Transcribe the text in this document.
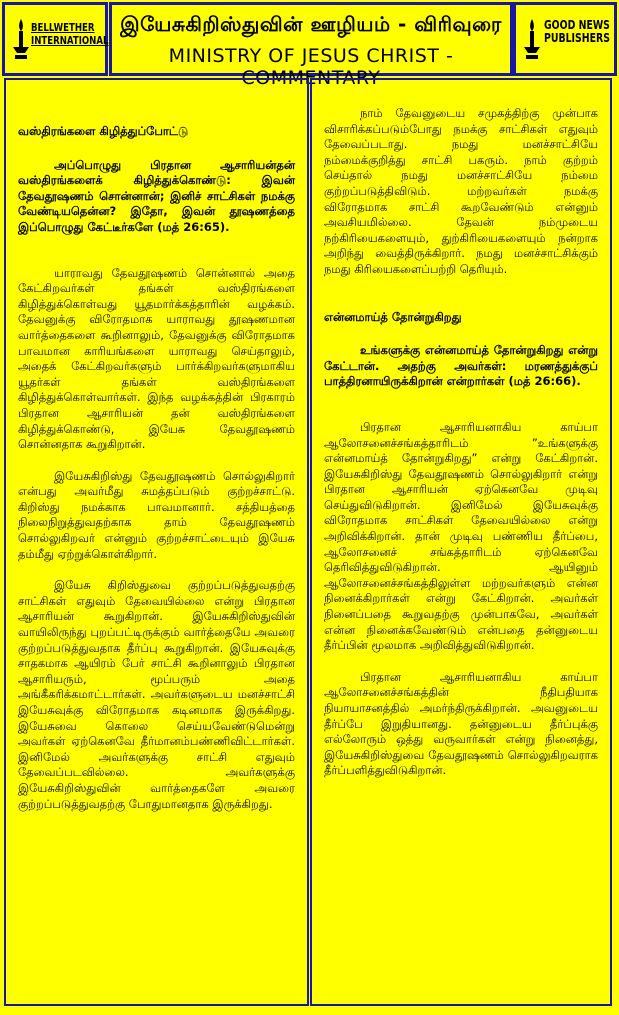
BELLWETHER INTERNATIONAL
இயேசுகிறிஸ்துவின் ஊழியம் - விரிவுரை
MINISTRY OF JESUS CHRIST - COMMENTARY
GOOD NEWS PUBLISHERS

வஸ்திரங்களை கிழித்துப்போட்டு

அப்பொழுது பிரதான ஆசாரியன்தன் வஸ்திரங்களைக் கிழித்துக்கொண்டு: இவன் தேவதூஷணம் சொன்னான்; இனிச் சாட்சிகள் நமக்கு வேண்டியதென்ன? இதோ, இவன் தூஷணத்தை இப்பொழுது கேட்டீர்களே (மத் 26:65).

யாராவது தேவதூஷணம் சொன்னால் அதை கேட்கிறவர்கள் தங்கள் வஸ்திரங்களை கிழித்துக்கொள்வது யூதமார்க்கத்தாரின் வழக்கம். தேவனுக்கு விரோதமாக யாராவது தூஷணமான வார்த்தைகளை கூறினாலும், தேவனுக்கு விரோதமாக பாவமான காரியங்களை யாராவது செய்தாலும், அதைக் கேட்கிறவர்களும் பார்க்கிறவர்களுமாகிய யூதர்கள் தங்கள் வஸ்திரங்களை கிழித்துக்கொள்வார்கள். இந்த வழக்கத்தின் பிரகாரம் பிரதான ஆசாரியன் தன் வஸ்திரங்களை கிழித்துக்கொண்டு, இயேசு தேவதூஷணம் சொன்னதாக கூறுகிறான்.

இயேசுகிறிஸ்து தேவதூஷணம் சொல்லுகிறார் என்பது அவர்மீது சுமத்தப்படும் குற்றச்சாட்டு. கிறிஸ்து நமக்காக பாவமானார். சத்தியத்தை நிலைநிறுத்துவதற்காக தாம் தேவதூஷணம் சொல்லுகிறவர் என்னும் குற்றச்சாட்டையும் இயேசு தம்மீது ஏற்றுக்கொள்கிறார்.

இயேசு கிறிஸ்துவை குற்றப்படுத்துவதற்கு சாட்சிகள் எதுவும் தேவையில்லை என்று பிரதான ஆசாரியன் கூறுகிறான். இயேசுகிறிஸ்துவின் வாயிலிருந்து புறப்பட்டிருக்கும் வார்த்தையே அவரை குற்றப்படுத்துவதாக தீர்ப்பு கூறுகிறான். இயேசுவுக்கு சாதகமாக ஆயிரம் பேர் சாட்சி கூறினாலும் பிரதான ஆசாரியரும், மூப்பரும் அதை அங்கீகரிக்கமாட்டார்கள். அவர்களுடைய மனச்சாட்சி இயேசுவுக்கு விரோதமாக கடினமாக இருக்கிறது. இயேசுவை கொலை செய்யவேண்டுமென்று அவர்கள் ஏற்கெனவே தீர்மானம்பண்ணிவிட்டார்கள். இனிமேல் அவர்களுக்கு சாட்சி எதுவும் தேவைப்படவில்லை. அவர்களுக்கு இயேசுகிறிஸ்துவின் வார்த்தைகளே அவரை குற்றப்படுத்துவதற்கு போதுமானதாக இருக்கிறது.

நாம் தேவனுடைய சமுகத்திற்கு முன்பாக விசாரிக்கப்படும்போது நமக்கு சாட்சிகள் எதுவும் தேவைப்படாது. நமது மனச்சாட்சியே நம்மைக்குறித்து சாட்சி பகரும். நாம் குற்றம் செய்தால் நமது மனச்சாட்சியே நம்மை குற்றப்படுத்திவிடும். மற்றவர்கள் நமக்கு விரோதமாக சாட்சி கூறவேண்டும் என்னும் அவசியமில்லை. தேவன் நம்முடைய நற்கிரியைகளையும், துற்கிரியைகளையும் நன்றாக அறிந்து வைத்திருக்கிறார். நமது மனச்சாட்சிக்கும் நமது கிரியைகளைப்பற்றி தெரியும்.

என்னமாய்த் தோன்றுகிறது

உங்களுக்கு என்னமாய்த் தோன்றுகிறது என்று கேட்டான். அதற்கு அவர்கள்: மரணத்துக்குப் பாத்திரனாயிருக்கிறான் என்றார்கள் (மத் 26:66).

பிரதான ஆசாரியனாகிய காய்பா ஆலோசனைச்சங்கத்தாரிடம் ”உங்களுக்கு என்னமாய்த் தோன்றுகிறது” என்று கேட்கிறான். இயேசுகிறிஸ்து தேவதூஷணம் சொல்லுகிறார் என்று பிரதான ஆசாரியன் ஏற்கெனவே முடிவு செய்துவிடுகிறான். இனிமேல் இயேசுவுக்கு விரோதமாக சாட்சிகள் தேவையில்லை என்று அறிவிக்கிறான். தான் முடிவு பண்ணிய தீர்ப்பை, ஆலோசனைச் சங்கத்தாரிடம் ஏற்கெனவே தெரிவித்துவிடுகிறான். ஆயினும் ஆலோசனைச்சங்கத்திலுள்ள மற்றவர்களும் என்ன நினைக்கிறார்கள் என்று கேட்கிறான். அவர்கள் நினைப்பதை கூறுவதற்கு முன்பாகவே, அவர்கள் என்ன நினைக்கவேண்டும் என்பதை தன்னுடைய தீர்ப்பின் மூலமாக அறிவித்துவிடுகிறான்.

பிரதான ஆசாரியனாகிய காய்பா ஆலோசனைச்சங்கத்தின் நீதிபதியாக நியாயாசனத்தில் அமர்ந்திருக்கிறான். அவனுடைய தீர்ப்பே இறுதியானது. தன்னுடைய தீர்ப்புக்கு எல்லோரும் ஒத்து வருவார்கள் என்று நினைத்து, இயேசுகிறிஸ்துவை தேவதூஷணம் சொல்லுகிறவராக தீர்ப்பளித்துவிடுகிறான்.
